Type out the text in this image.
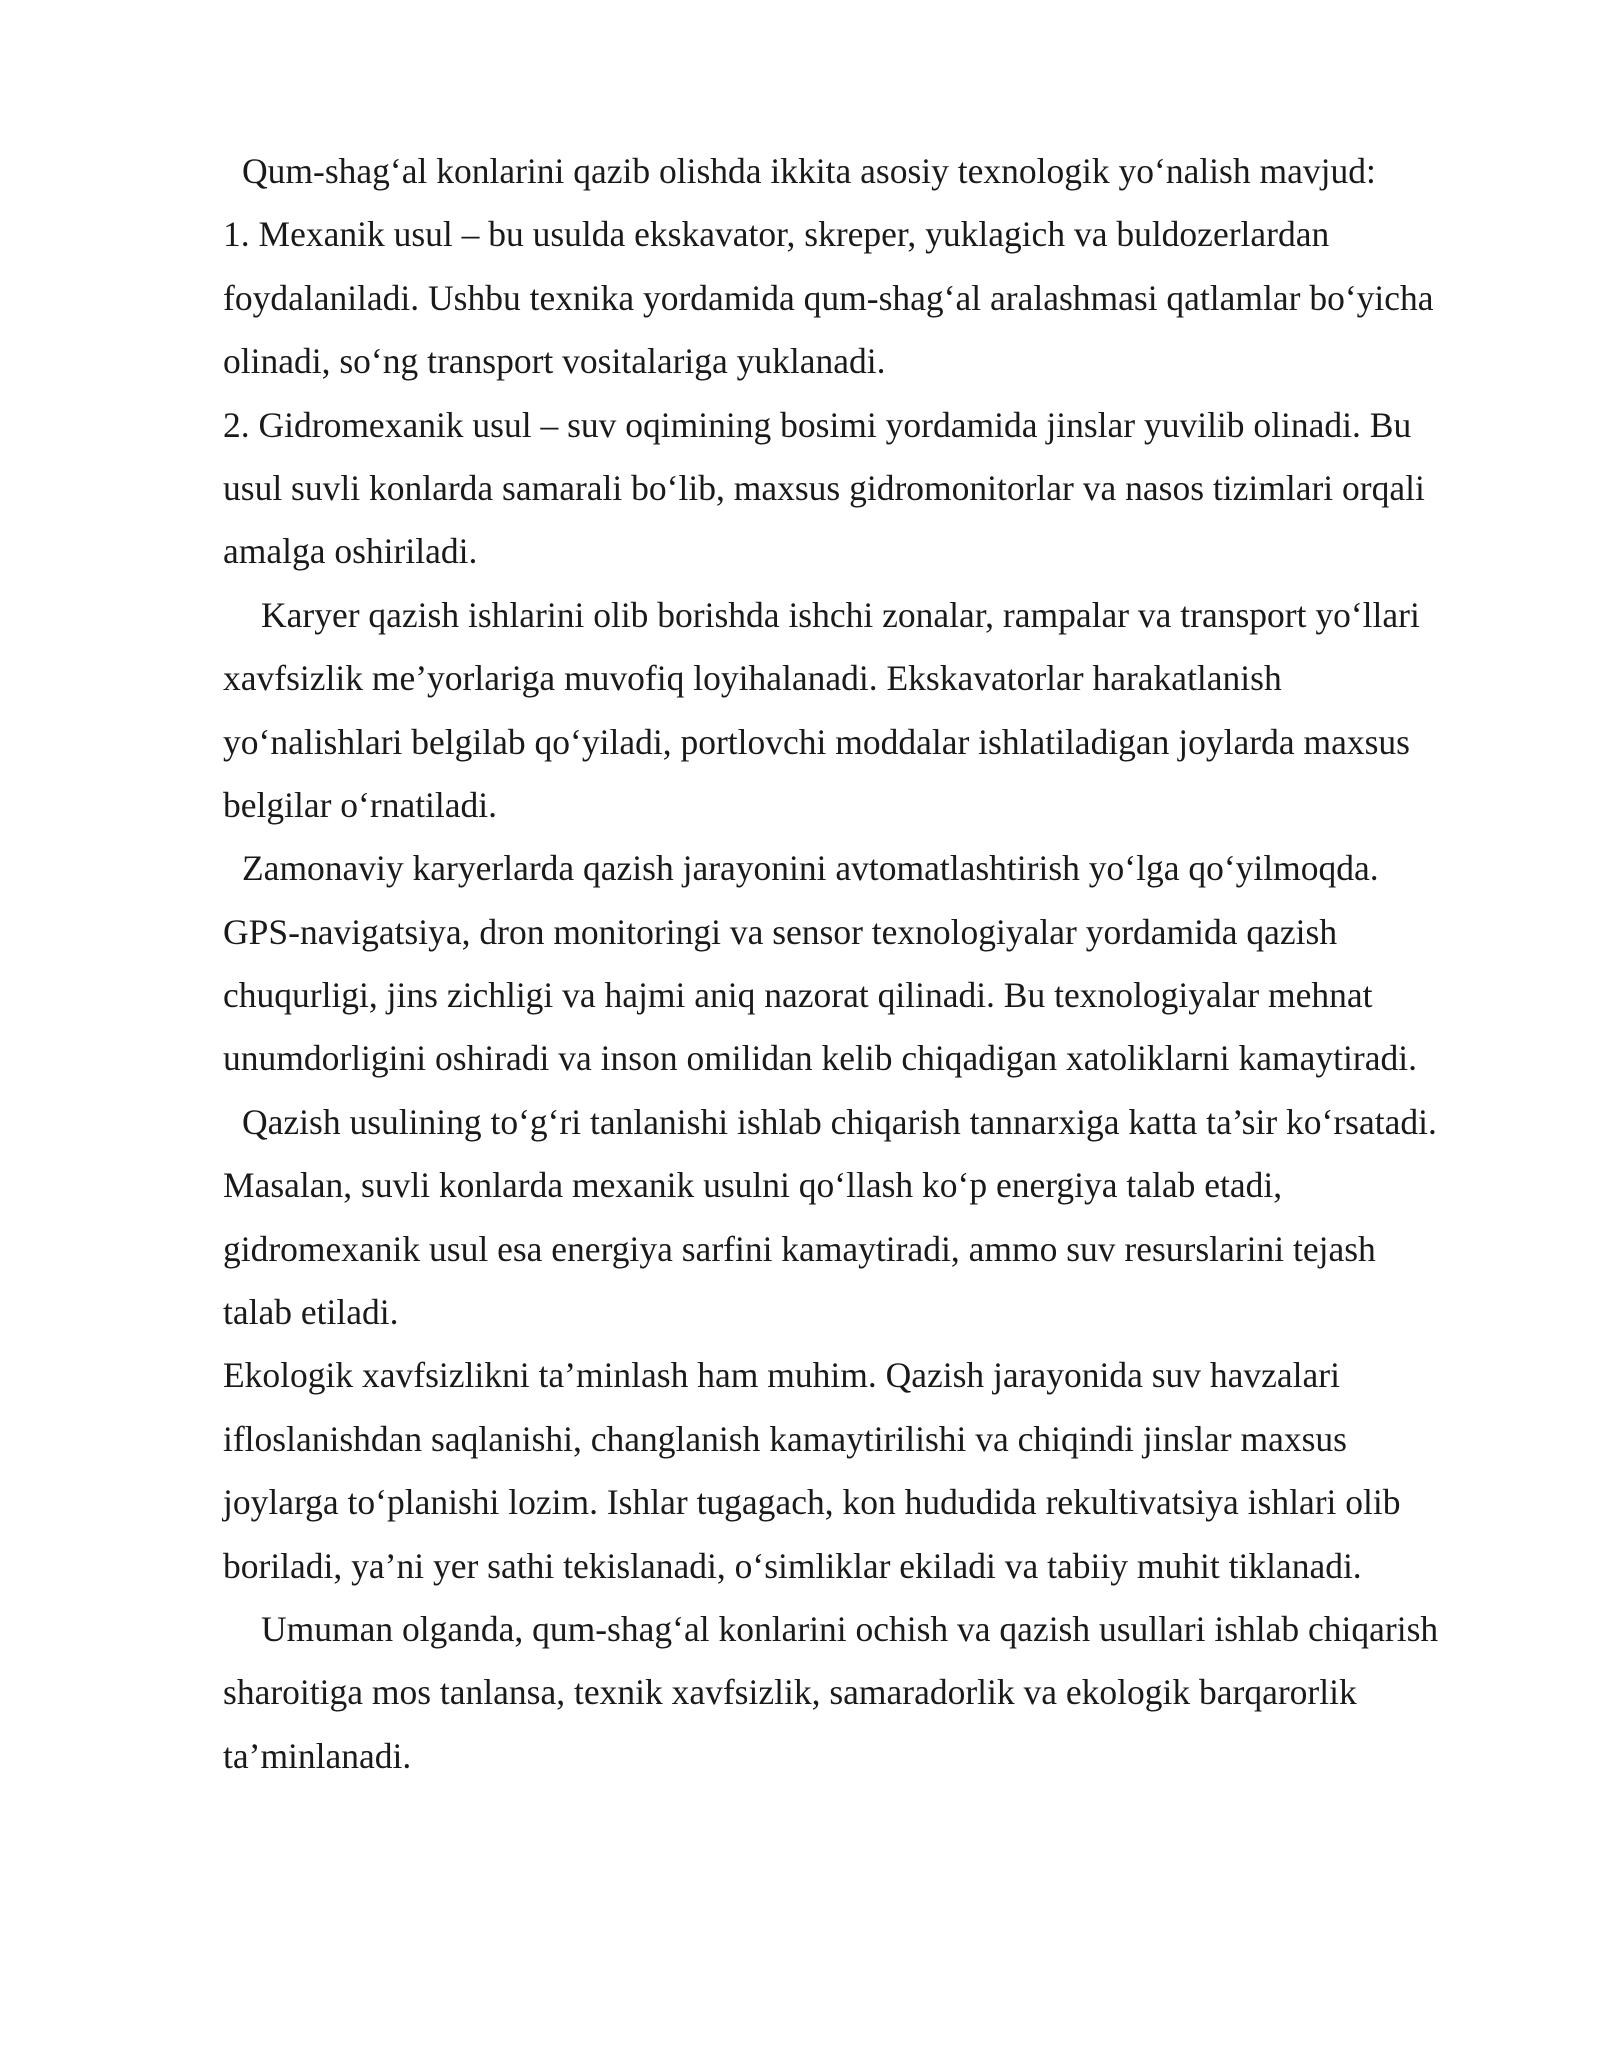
Qum-shag‘al konlarini qazib olishda ikkita asosiy texnologik yo‘nalish mavjud:
1. Mexanik usul – bu usulda ekskavator, skreper, yuklagich va buldozerlardan
foydalaniladi. Ushbu texnika yordamida qum-shag‘al aralashmasi qatlamlar bo‘yicha
olinadi, so‘ng transport vositalariga yuklanadi.
2. Gidromexanik usul – suv oqimining bosimi yordamida jinslar yuvilib olinadi. Bu
usul suvli konlarda samarali bo‘lib, maxsus gidromonitorlar va nasos tizimlari orqali
amalga oshiriladi.
Karyer qazish ishlarini olib borishda ishchi zonalar, rampalar va transport yo‘llari
xavfsizlik me’yorlariga muvofiq loyihalanadi. Ekskavatorlar harakatlanish
yo‘nalishlari belgilab qo‘yiladi, portlovchi moddalar ishlatiladigan joylarda maxsus
belgilar o‘rnatiladi.
Zamonaviy karyerlarda qazish jarayonini avtomatlashtirish yo‘lga qo‘yilmoqda.
GPS-navigatsiya, dron monitoringi va sensor texnologiyalar yordamida qazish
chuqurligi, jins zichligi va hajmi aniq nazorat qilinadi. Bu texnologiyalar mehnat
unumdorligini oshiradi va inson omilidan kelib chiqadigan xatoliklarni kamaytiradi.
Qazish usulining to‘g‘ri tanlanishi ishlab chiqarish tannarxiga katta ta’sir ko‘rsatadi.
Masalan, suvli konlarda mexanik usulni qo‘llash ko‘p energiya talab etadi,
gidromexanik usul esa energiya sarfini kamaytiradi, ammo suv resurslarini tejash
talab etiladi.
Ekologik xavfsizlikni ta’minlash ham muhim. Qazish jarayonida suv havzalari
ifloslanishdan saqlanishi, changlanish kamaytirilishi va chiqindi jinslar maxsus
joylarga to‘planishi lozim. Ishlar tugagach, kon hududida rekultivatsiya ishlari olib
boriladi, ya’ni yer sathi tekislanadi, o‘simliklar ekiladi va tabiiy muhit tiklanadi.
Umuman olganda, qum-shag‘al konlarini ochish va qazish usullari ishlab chiqarish
sharoitiga mos tanlansa, texnik xavfsizlik, samaradorlik va ekologik barqarorlik
ta’minlanadi.
